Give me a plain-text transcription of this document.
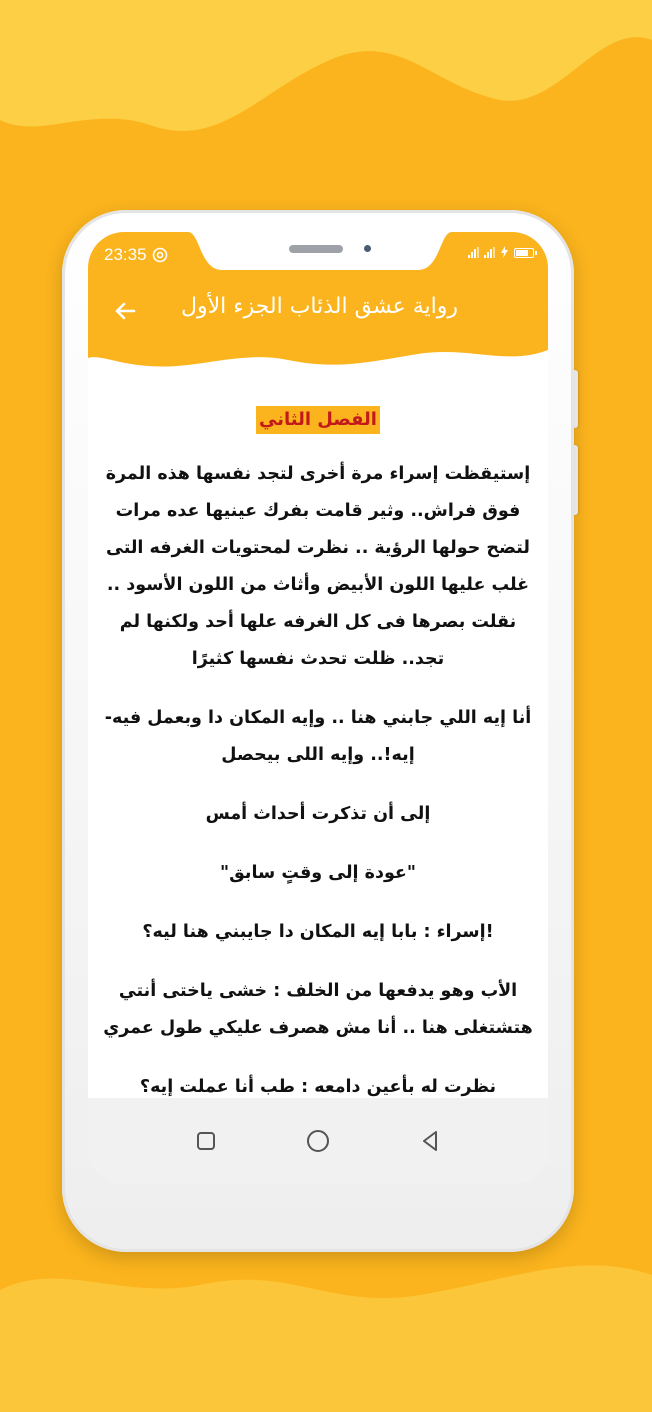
23:35
رواية عشق الذئاب الجزء الأول
الفصل الثاني

إستيقظت إسراء مرة أخرى لتجد نفسها هذه المرة فوق فراش.. وثير قامت بفرك عينيها عده مرات لتضح حولها الرؤية .. نظرت لمحتويات الغرفه التى غلب عليها اللون الأبيض وأثاث من اللون الأسود .. نقلت بصرها فى كل الغرفه علها أحد ولكنها لم تجد.. ظلت تحدث نفسها كثيرًا

أنا إيه اللي جابني هنا .. وإيه المكان دا وبعمل فيه- إيه!.. وإيه اللى بيحصل

إلى أن تذكرت أحداث أمس

"عودة إلى وقتٍ سابق"

!إسراء : بابا إيه المكان دا جايبني هنا ليه؟

الأب وهو يدفعها من الخلف : خشى ياختى أنتي هتشتغلى هنا .. أنا مش هصرف عليكي طول عمري

نظرت له بأعين دامعه : طب أنا عملت إيه؟
